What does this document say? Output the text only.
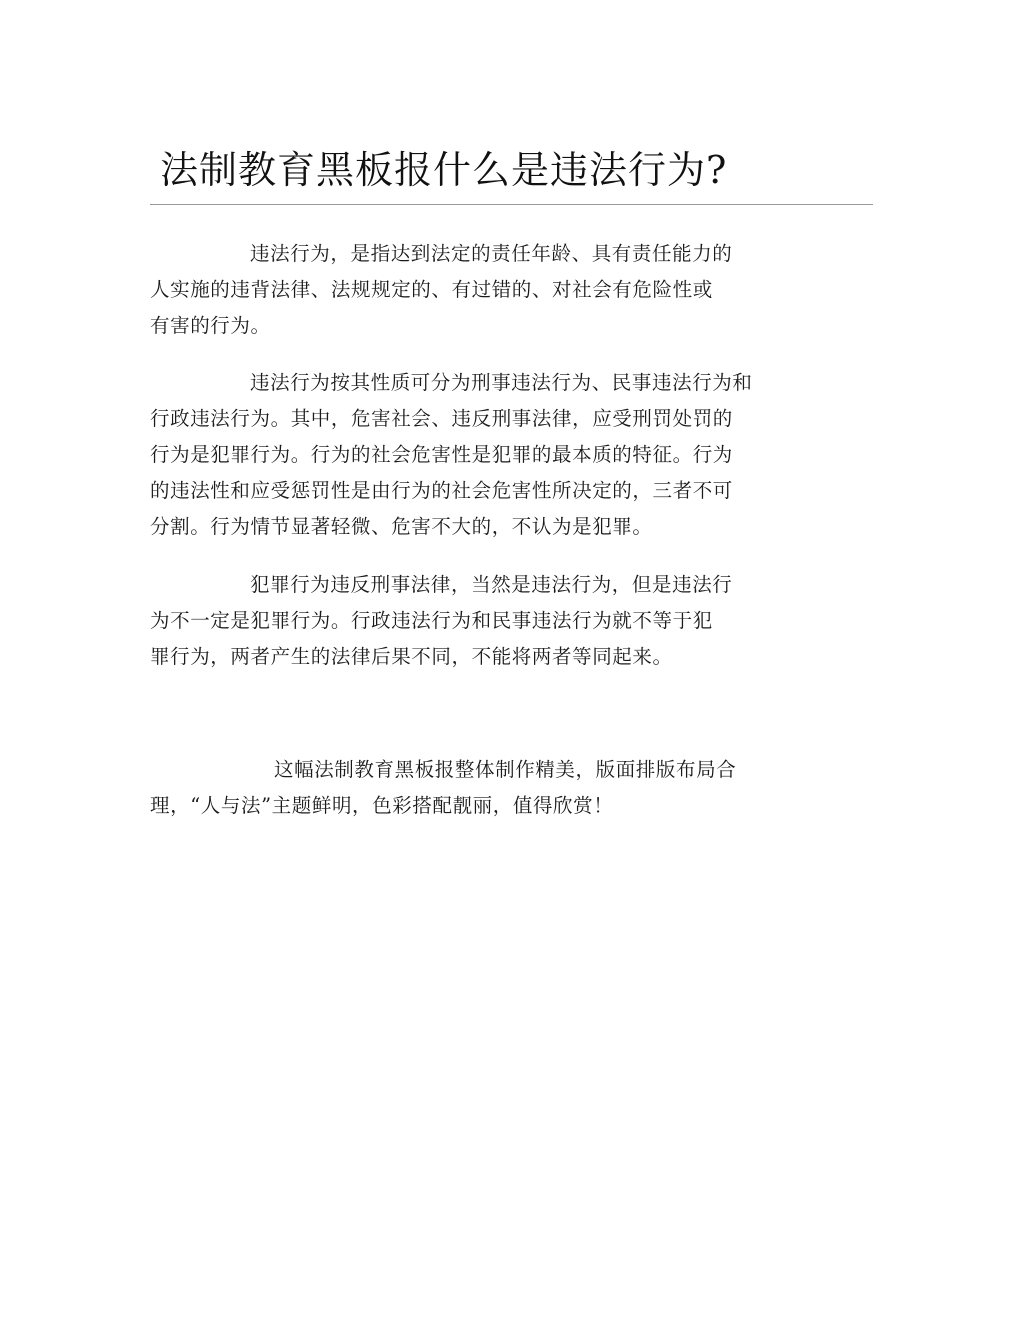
法制教育黑板报什么是违法行为?

违法行为，是指达到法定的责任年龄、具有责任能力的
人实施的违背法律、法规规定的、有过错的、对社会有危险性或
有害的行为。

违法行为按其性质可分为刑事违法行为、民事违法行为和
行政违法行为。其中，危害社会、违反刑事法律，应受刑罚处罚的
行为是犯罪行为。行为的社会危害性是犯罪的最本质的特征。行为
的违法性和应受惩罚性是由行为的社会危害性所决定的，三者不可
分割。行为情节显著轻微、危害不大的，不认为是犯罪。

犯罪行为违反刑事法律，当然是违法行为，但是违法行
为不一定是犯罪行为。行政违法行为和民事违法行为就不等于犯
罪行为，两者产生的法律后果不同，不能将两者等同起来。

这幅法制教育黑板报整体制作精美，版面排版布局合
理，“人与法”主题鲜明，色彩搭配靓丽，值得欣赏！
